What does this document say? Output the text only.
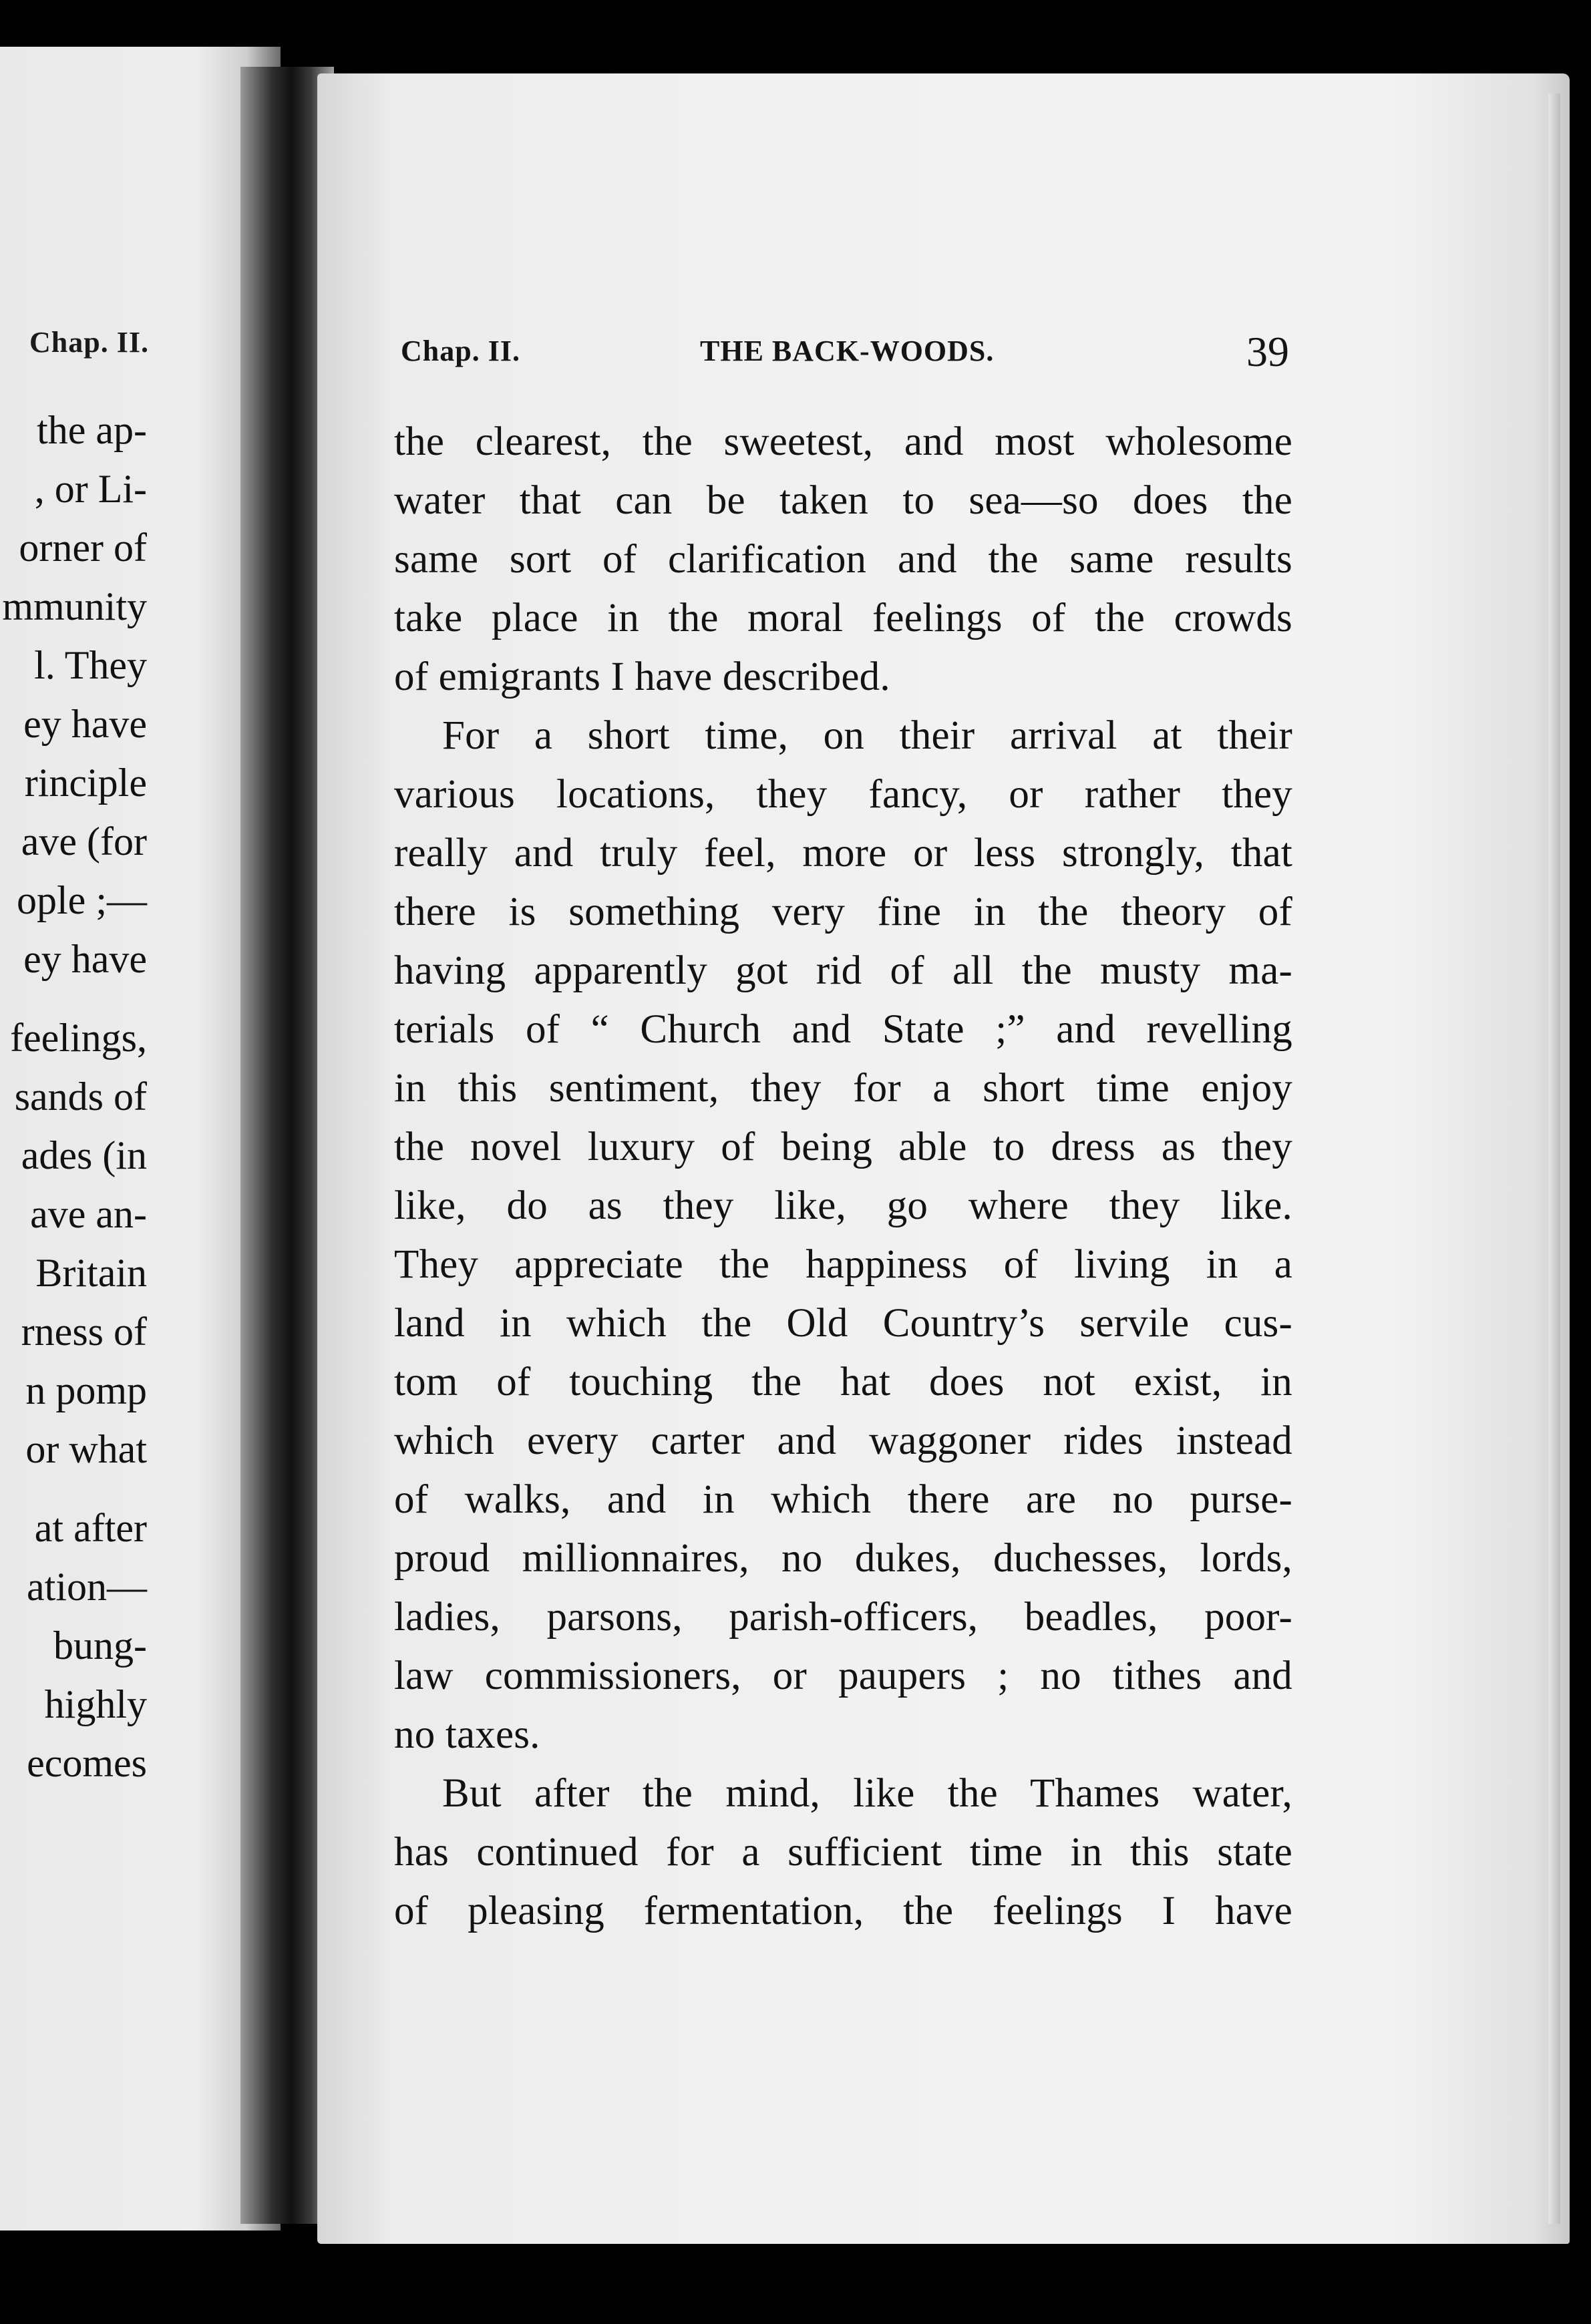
Chap. II.
the ap-
, or Li-
orner of
mmunity
l. They
ey have
rinciple
ave (for
ople ;—
ey have
feelings,
sands of
ades (in
ave an-
Britain
rness of
n pomp
or what
at after
ation—
bung-
highly
ecomes
Chap. II.	THE BACK-WOODS.	39
the clearest, the sweetest, and most wholesome
water that can be taken to sea—so does the
same sort of clarification and the same results
take place in the moral feelings of the crowds
of emigrants I have described.
For a short time, on their arrival at their
various locations, they fancy, or rather they
really and truly feel, more or less strongly, that
there is something very fine in the theory of
having apparently got rid of all the musty ma-
terials of “ Church and State ;” and revelling
in this sentiment, they for a short time enjoy
the novel luxury of being able to dress as they
like, do as they like, go where they like.
They appreciate the happiness of living in a
land in which the Old Country’s servile cus-
tom of touching the hat does not exist, in
which every carter and waggoner rides instead
of walks, and in which there are no purse-
proud millionnaires, no dukes, duchesses, lords,
ladies, parsons, parish-officers, beadles, poor-
law commissioners, or paupers ; no tithes and
no taxes.
But after the mind, like the Thames water,
has continued for a sufficient time in this state
of pleasing fermentation, the feelings I have
